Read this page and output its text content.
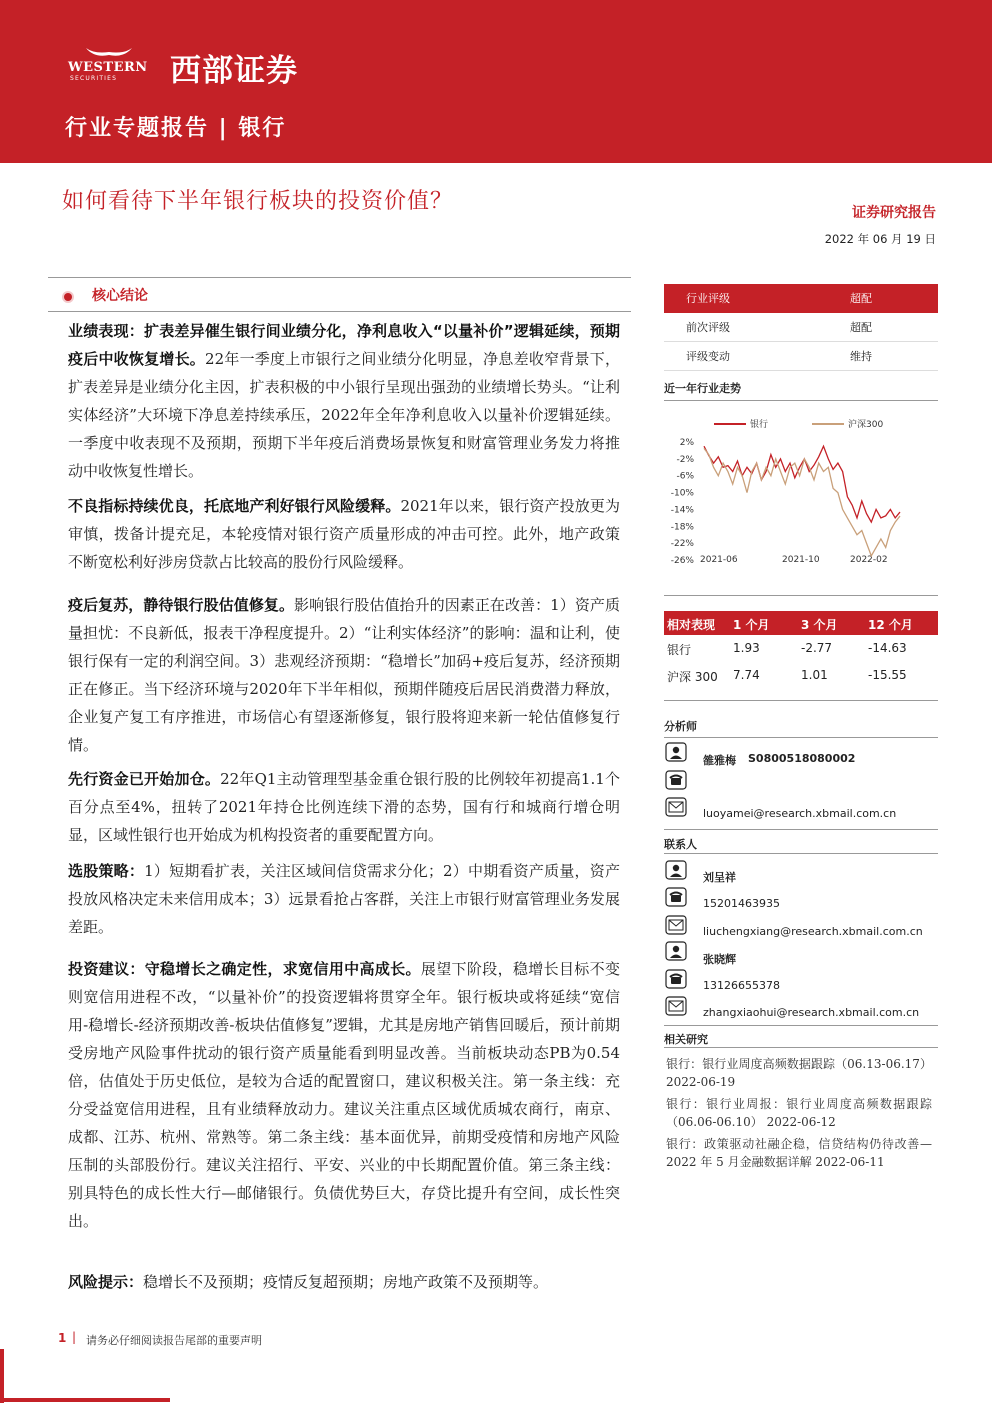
WESTERN
SECURITIES 西部证券
行业专题报告 | 银行
如何看待下半年银行板块的投资价值？	证券研究报告
2022 年 06 月 19 日
核心结论
业绩表现：扩表差异催生银行间业绩分化，净利息收入“以量补价”逻辑延续，预期疫后中收恢复增长。22年一季度上市银行之间业绩分化明显，净息差收窄背景下，扩表差异是业绩分化主因，扩表积极的中小银行呈现出强劲的业绩增长势头。“让利实体经济”大环境下净息差持续承压，2022年全年净利息收入以量补价逻辑延续。一季度中收表现不及预期，预期下半年疫后消费场景恢复和财富管理业务发力将推动中收恢复性增长。
不良指标持续优良，托底地产利好银行风险缓释。2021年以来，银行资产投放更为审慎，拨备计提充足，本轮疫情对银行资产质量形成的冲击可控。此外，地产政策不断宽松利好涉房贷款占比较高的股份行风险缓释。
疫后复苏，静待银行股估值修复。影响银行股估值抬升的因素正在改善：1）资产质量担忧：不良新低，报表干净程度提升。2）“让利实体经济”的影响：温和让利，使银行保有一定的利润空间。3）悲观经济预期：“稳增长”加码+疫后复苏，经济预期正在修正。当下经济环境与2020年下半年相似，预期伴随疫后居民消费潜力释放，企业复产复工有序推进，市场信心有望逐渐修复，银行股将迎来新一轮估值修复行情。
先行资金已开始加仓。22年Q1主动管理型基金重仓银行股的比例较年初提高1.1个百分点至4%，扭转了2021年持仓比例连续下滑的态势，国有行和城商行增仓明显，区域性银行也开始成为机构投资者的重要配置方向。
选股策略：1）短期看扩表，关注区域间信贷需求分化；2）中期看资产质量，资产投放风格决定未来信用成本；3）远景看抢占客群，关注上市银行财富管理业务发展差距。
投资建议：守稳增长之确定性，求宽信用中高成长。展望下阶段，稳增长目标不变则宽信用进程不改，“以量补价”的投资逻辑将贯穿全年。银行板块或将延续“宽信用-稳增长-经济预期改善-板块估值修复”逻辑，尤其是房地产销售回暖后，预计前期受房地产风险事件扰动的银行资产质量能看到明显改善。当前板块动态PB为0.54倍，估值处于历史低位，是较为合适的配置窗口，建议积极关注。第一条主线：充分受益宽信用进程，且有业绩释放动力。建议关注重点区域优质城农商行，南京、成都、江苏、杭州、常熟等。第二条主线：基本面优异，前期受疫情和房地产风险压制的头部股份行。建议关注招行、平安、兴业的中长期配置价值。第三条主线：别具特色的成长性大行—邮储银行。负债优势巨大，存贷比提升有空间，成长性突出。
风险提示：稳增长不及预期；疫情反复超预期；房地产政策不及预期等。
行业评级	超配
前次评级	超配
评级变动	维持
近一年行业走势
银行	沪深300
2%
-2%
-6%
-10%
-14%
-18%
-22%
-26% 2021-06	2021-10	2022-02
相对表现 1 个月	3 个月	12 个月
银行	1.93	-2.77	-14.63
沪深 300 7.74	1.01	-15.55
分析师
雒雅梅 S0800518080002
luoyamei@research.xbmail.com.cn
联系人
刘呈祥
15201463935
liuchengxiang@research.xbmail.com.cn
张晓辉
13126655378
zhangxiaohui@research.xbmail.com.cn
相关研究
银行：银行业周度高频数据跟踪（06.13-06.17） 2022-06-19
银行：银行业周报：银行业周度高频数据跟踪（06.06-06.10） 2022-06-12
银行：政策驱动社融企稳，信贷结构仍待改善—2022 年 5 月金融数据详解 2022-06-11
1 | 请务必仔细阅读报告尾部的重要声明
